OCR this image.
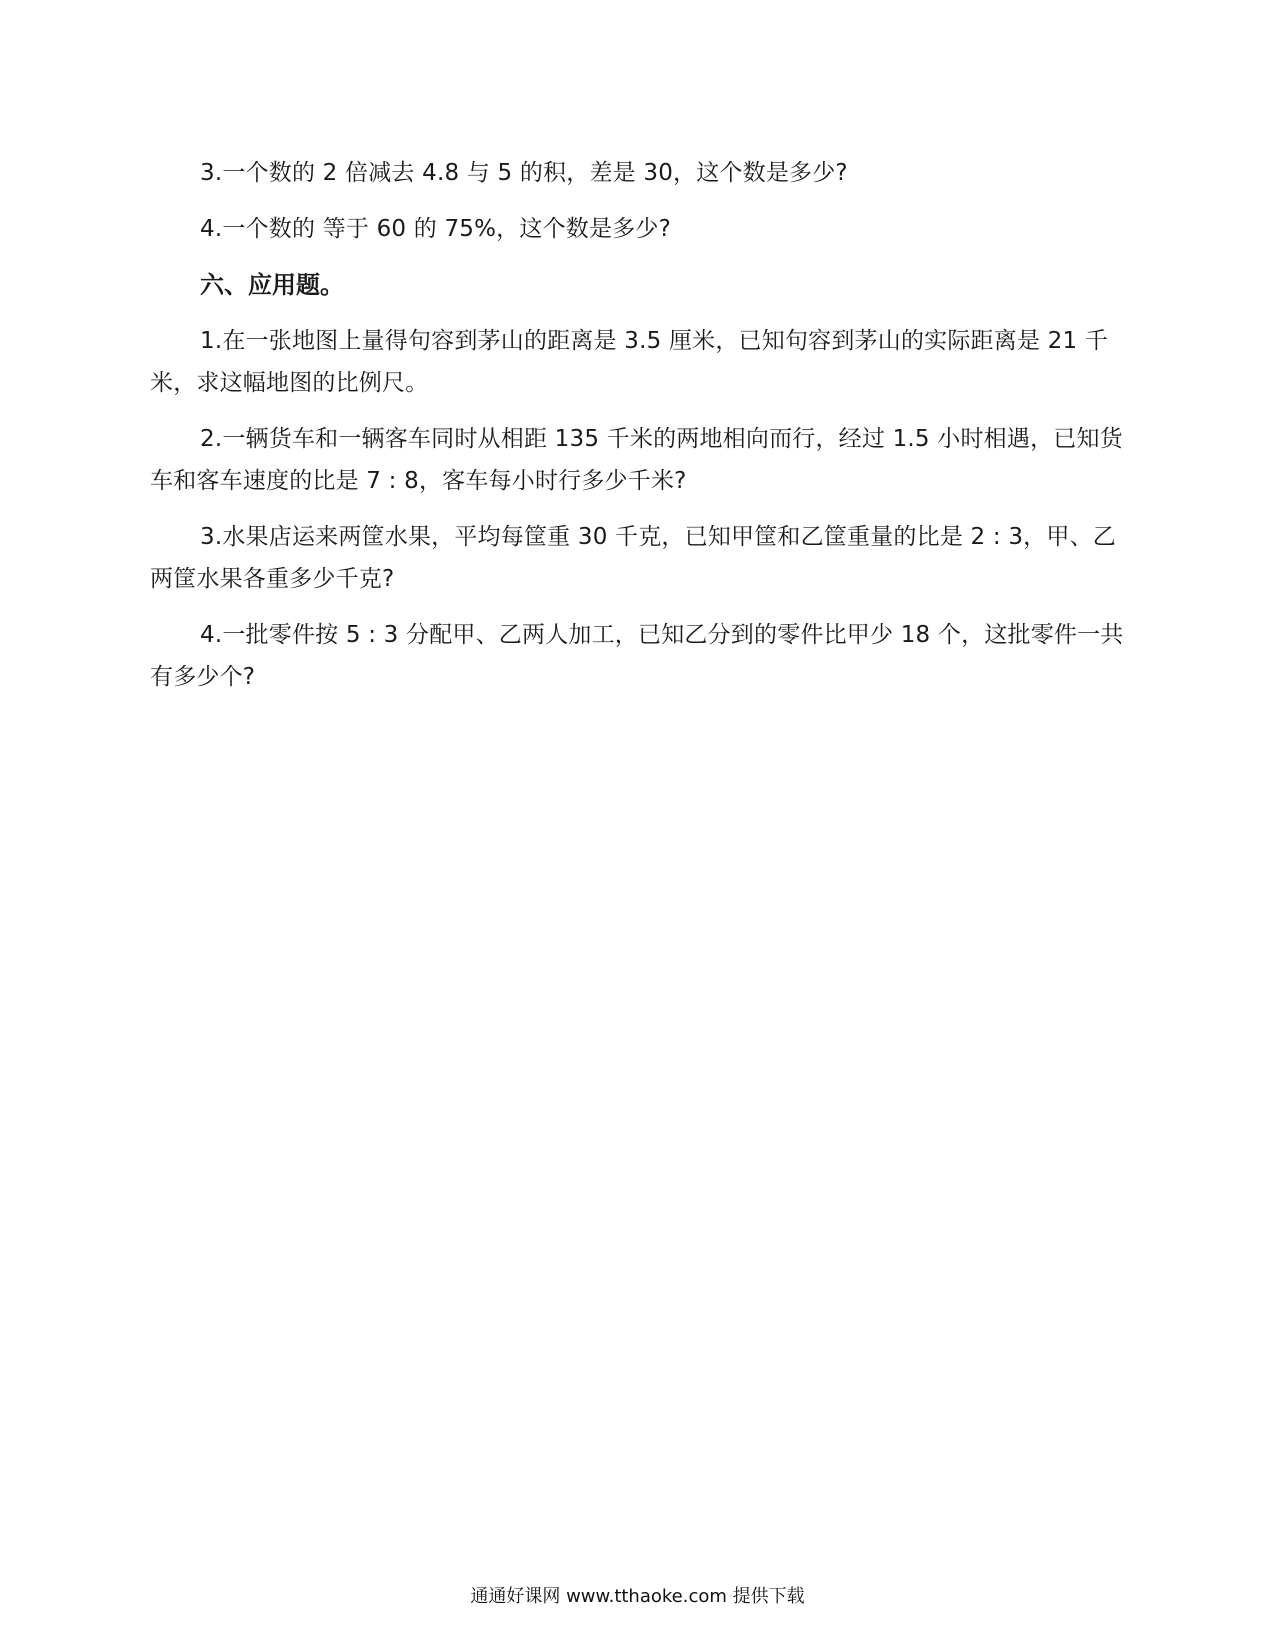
3.一个数的 2 倍减去 4.8 与 5 的积，差是 30，这个数是多少?

4.一个数的 等于 60 的 75%，这个数是多少?

六、应用题。

1.在一张地图上量得句容到茅山的距离是 3.5 厘米，已知句容到茅山的实际距离是 21 千米，求这幅地图的比例尺。

2.一辆货车和一辆客车同时从相距 135 千米的两地相向而行，经过 1.5 小时相遇，已知货车和客车速度的比是 7 : 8，客车每小时行多少千米?

3.水果店运来两筐水果，平均每筐重 30 千克，已知甲筐和乙筐重量的比是 2 : 3，甲、乙两筐水果各重多少千克?

4.一批零件按 5 : 3 分配甲、乙两人加工，已知乙分到的零件比甲少 18 个，这批零件一共有多少个?

通通好课网 www.tthaoke.com 提供下载
